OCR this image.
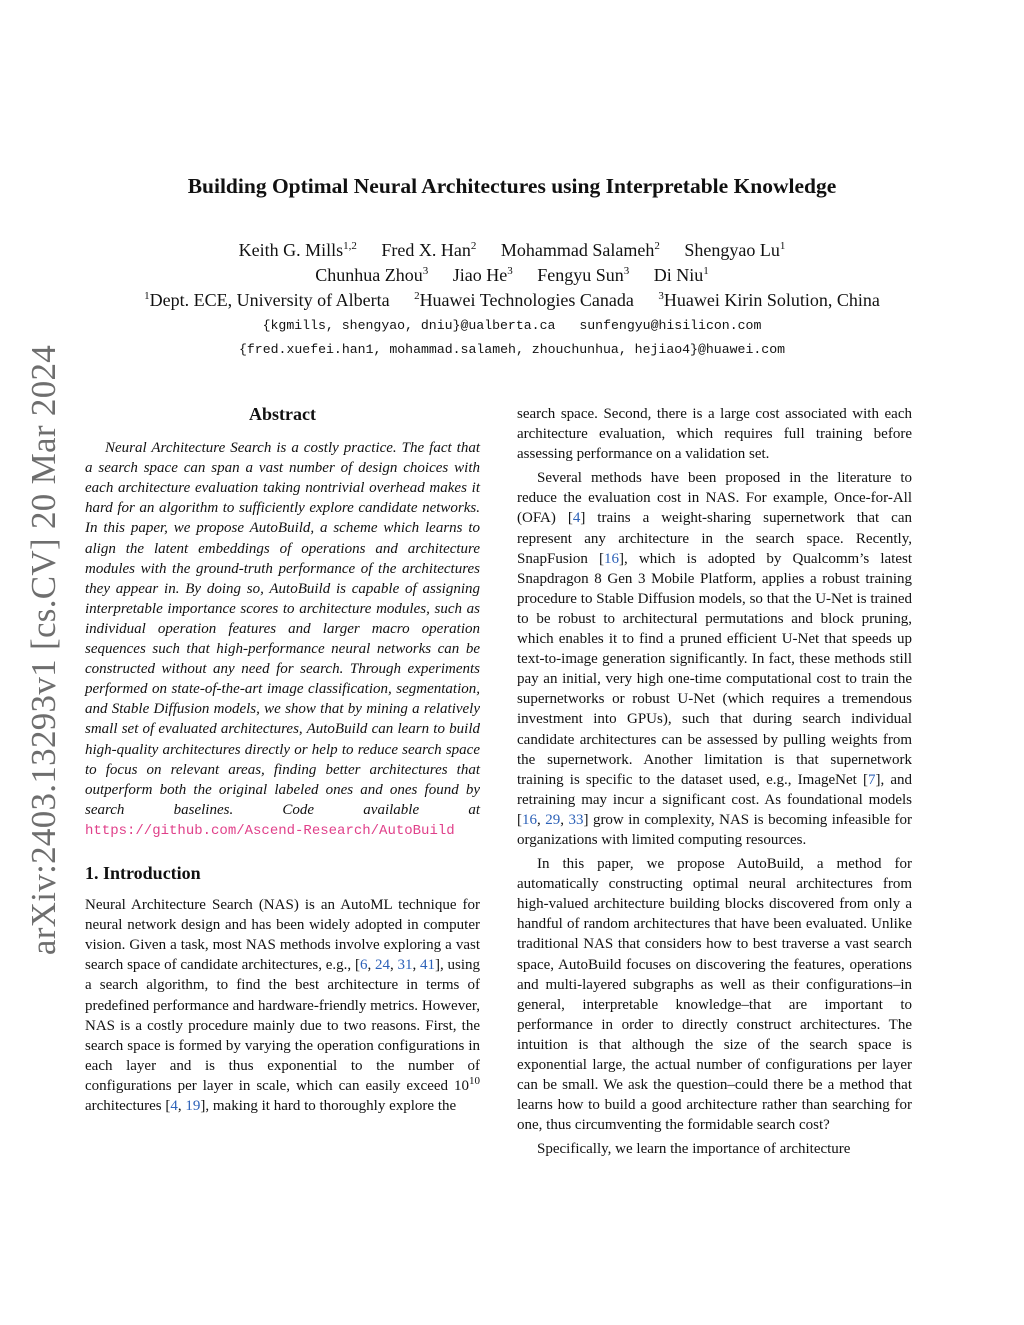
arXiv:2403.13293v1 [cs.CV] 20 Mar 2024
Building Optimal Neural Architectures using Interpretable Knowledge
Keith G. Mills$^{1,2}$ Fred X. Han$^2$ Mohammad Salameh$^2$ Shengyao Lu$^1$
Chunhua Zhou$^3$ Jiao He$^3$ Fengyu Sun$^3$ Di Niu$^1$
$^1$Dept. ECE, University of Alberta $^2$Huawei Technologies Canada $^3$Huawei Kirin Solution, China
{kgmills, shengyao, dniu}@ualberta.ca sunfengyu@hisilicon.com
{fred.xuefei.han1, mohammad.salameh, zhouchunhua, hejiao4}@huawei.com
Abstract

Neural Architecture Search is a costly practice. The fact that a search space can span a vast number of design choices with each architecture evaluation taking nontrivial overhead makes it hard for an algorithm to sufficiently explore candidate networks. In this paper, we propose AutoBuild, a scheme which learns to align the latent embeddings of operations and architecture modules with the ground-truth performance of the architectures they appear in. By doing so, AutoBuild is capable of assigning interpretable importance scores to architecture modules, such as individual operation features and larger macro operation sequences such that high-performance neural networks can be constructed without any need for search. Through experiments performed on state-of-the-art image classification, segmentation, and Stable Diffusion models, we show that by mining a relatively small set of evaluated architectures, AutoBuild can learn to build high-quality architectures directly or help to reduce search space to focus on relevant areas, finding better architectures that outperform both the original labeled ones and ones found by search baselines. Code available at https://github.com/Ascend-Research/AutoBuild

1. Introduction

Neural Architecture Search (NAS) is an AutoML technique for neural network design and has been widely adopted in computer vision. Given a task, most NAS methods involve exploring a vast search space of candidate architectures, e.g., [6, 24, 31, 41], using a search algorithm, to find the best architecture in terms of predefined performance and hardware-friendly metrics. However, NAS is a costly procedure mainly due to two reasons. First, the search space is formed by varying the operation configurations in each layer and is thus exponential to the number of configurations per layer in scale, which can easily exceed $10^{10}$ architectures [4, 19], making it hard to thoroughly explore the

search space. Second, there is a large cost associated with each architecture evaluation, which requires full training before assessing performance on a validation set.

Several methods have been proposed in the literature to reduce the evaluation cost in NAS. For example, Once-for-All (OFA) [4] trains a weight-sharing supernetwork that can represent any architecture in the search space. Recently, SnapFusion [16], which is adopted by Qualcomm’s latest Snapdragon 8 Gen 3 Mobile Platform, applies a robust training procedure to Stable Diffusion models, so that the U-Net is trained to be robust to architectural permutations and block pruning, which enables it to find a pruned efficient U-Net that speeds up text-to-image generation significantly. In fact, these methods still pay an initial, very high one-time computational cost to train the supernetworks or robust U-Net (which requires a tremendous investment into GPUs), such that during search individual candidate architectures can be assessed by pulling weights from the supernetwork. Another limitation is that supernetwork training is specific to the dataset used, e.g., ImageNet [7], and retraining may incur a significant cost. As foundational models [16, 29, 33] grow in complexity, NAS is becoming infeasible for organizations with limited computing resources.

In this paper, we propose AutoBuild, a method for automatically constructing optimal neural architectures from high-valued architecture building blocks discovered from only a handful of random architectures that have been evaluated. Unlike traditional NAS that considers how to best traverse a vast search space, AutoBuild focuses on discovering the features, operations and multi-layered subgraphs as well as their configurations–in general, interpretable knowledge–that are important to performance in order to directly construct architectures. The intuition is that although the size of the search space is exponential large, the actual number of configurations per layer can be small. We ask the question–could there be a method that learns how to build a good architecture rather than searching for one, thus circumventing the formidable search cost?

Specifically, we learn the importance of architecture
